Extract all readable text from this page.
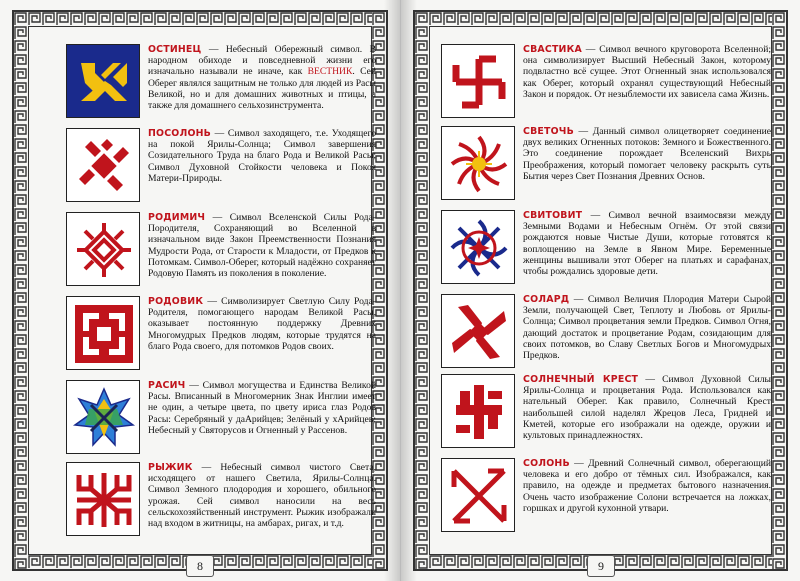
ОСТИНЕЦ — Небесный Обережный символ. В народном обиходе и повседневной жизни его изначально называли не иначе, как ВЕСТНИК. Сей Оберег являлся защитным не только для людей из Расы Великой, но и для домашних животных и птицы, а также для домашнего сельхозинструмента.
ПОСОЛОНЬ — Символ заходящего, т.е. Уходящего на покой Ярилы-Солнца; Символ завершения Созидательного Труда на благо Рода и Великой Расы; Символ Духовной Стойкости человека и Покоя Матери-Природы.
РОДИМИЧ — Символ Вселенской Силы Рода-Породителя, Сохраняющий во Вселенной в изначальном виде Закон Преемственности Познания Мудрости Рода, от Старости к Младости, от Предков к Потомкам. Символ-Оберег, который надёжно сохраняет Родовую Память из поколения в поколение.
РОДОВИК — Символизирует Светлую Силу Рода-Родителя, помогающего народам Великой Расы, оказывает постоянную поддержку Древних Многомудрых Предков людям, которые трудятся на благо Рода своего, для потомков Родов своих.
РАСИЧ — Символ могущества и Единства Великой Расы. Вписанный в Многомерник Знак Инглии имеет не один, а четыре цвета, по цвету ириса глаз Родов Расы: Серебряный у даАрийцев; Зелёный у хАрийцев; Небесный у Святорусов и Огненный у Рассенов.
РЫЖИК — Небесный символ чистого Света, исходящего от нашего Светила, Ярилы-Солнца. Символ Земного плодородия и хорошего, обильного урожая. Сей символ наносили на весь сельскохозяйственный инструмент. Рыжик изображали над входом в житницы, на амбарах, ригах, и т.д.
8
СВАСТИКА — Символ вечного круговорота Вселенной; она символизирует Высший Небесный Закон, которому подвластно всё сущее. Этот Огненный знак использовался как Оберег, который охранял существующий Небесный Закон и порядок. От незыблемости их зависела сама Жизнь.
СВЕТОЧЬ — Данный символ олицетворяет соединение двух великих Огненных потоков: Земного и Божественного. Это соединение порождает Вселенский Вихрь Преображения, который помогает человеку раскрыть суть Бытия через Свет Познания Древних Основ.
СВИТОВИТ — Символ вечной взаимосвязи между Земными Водами и Небесным Огнём. От этой связи рождаются новые Чистые Души, которые готовятся к воплощению на Земле в Явном Мире. Беременные женщины вышивали этот Оберег на платьях и сарафанах, чтобы рождались здоровые дети.
СОЛАРД — Символ Величия Плородия Матери Сырой Земли, получающей Свет, Теплоту и Любовь от Ярилы-Солнца; Символ процветания земли Предков. Символ Огня, дающий достаток и процветание Родам, созидающим для своих потомков, во Славу Светлых Богов и Многомудрых Предков.
СОЛНЕЧНЫЙ КРЕСТ — Символ Духовной Силы Ярилы-Солнца и процветания Рода. Использовался как нательный Оберег. Как правило, Солнечный Крест наибольшей силой наделял Жрецов Леса, Гридней и Кметей, которые его изображали на одежде, оружии и культовых принадлежностях.
СОЛОНЬ — Древний Солнечный символ, оберегающий человека и его добро от тёмных сил. Изображался, как правило, на одежде и предметах бытового назначения. Очень часто изображение Солони встречается на ложках, горшках и другой кухонной утвари.
9
